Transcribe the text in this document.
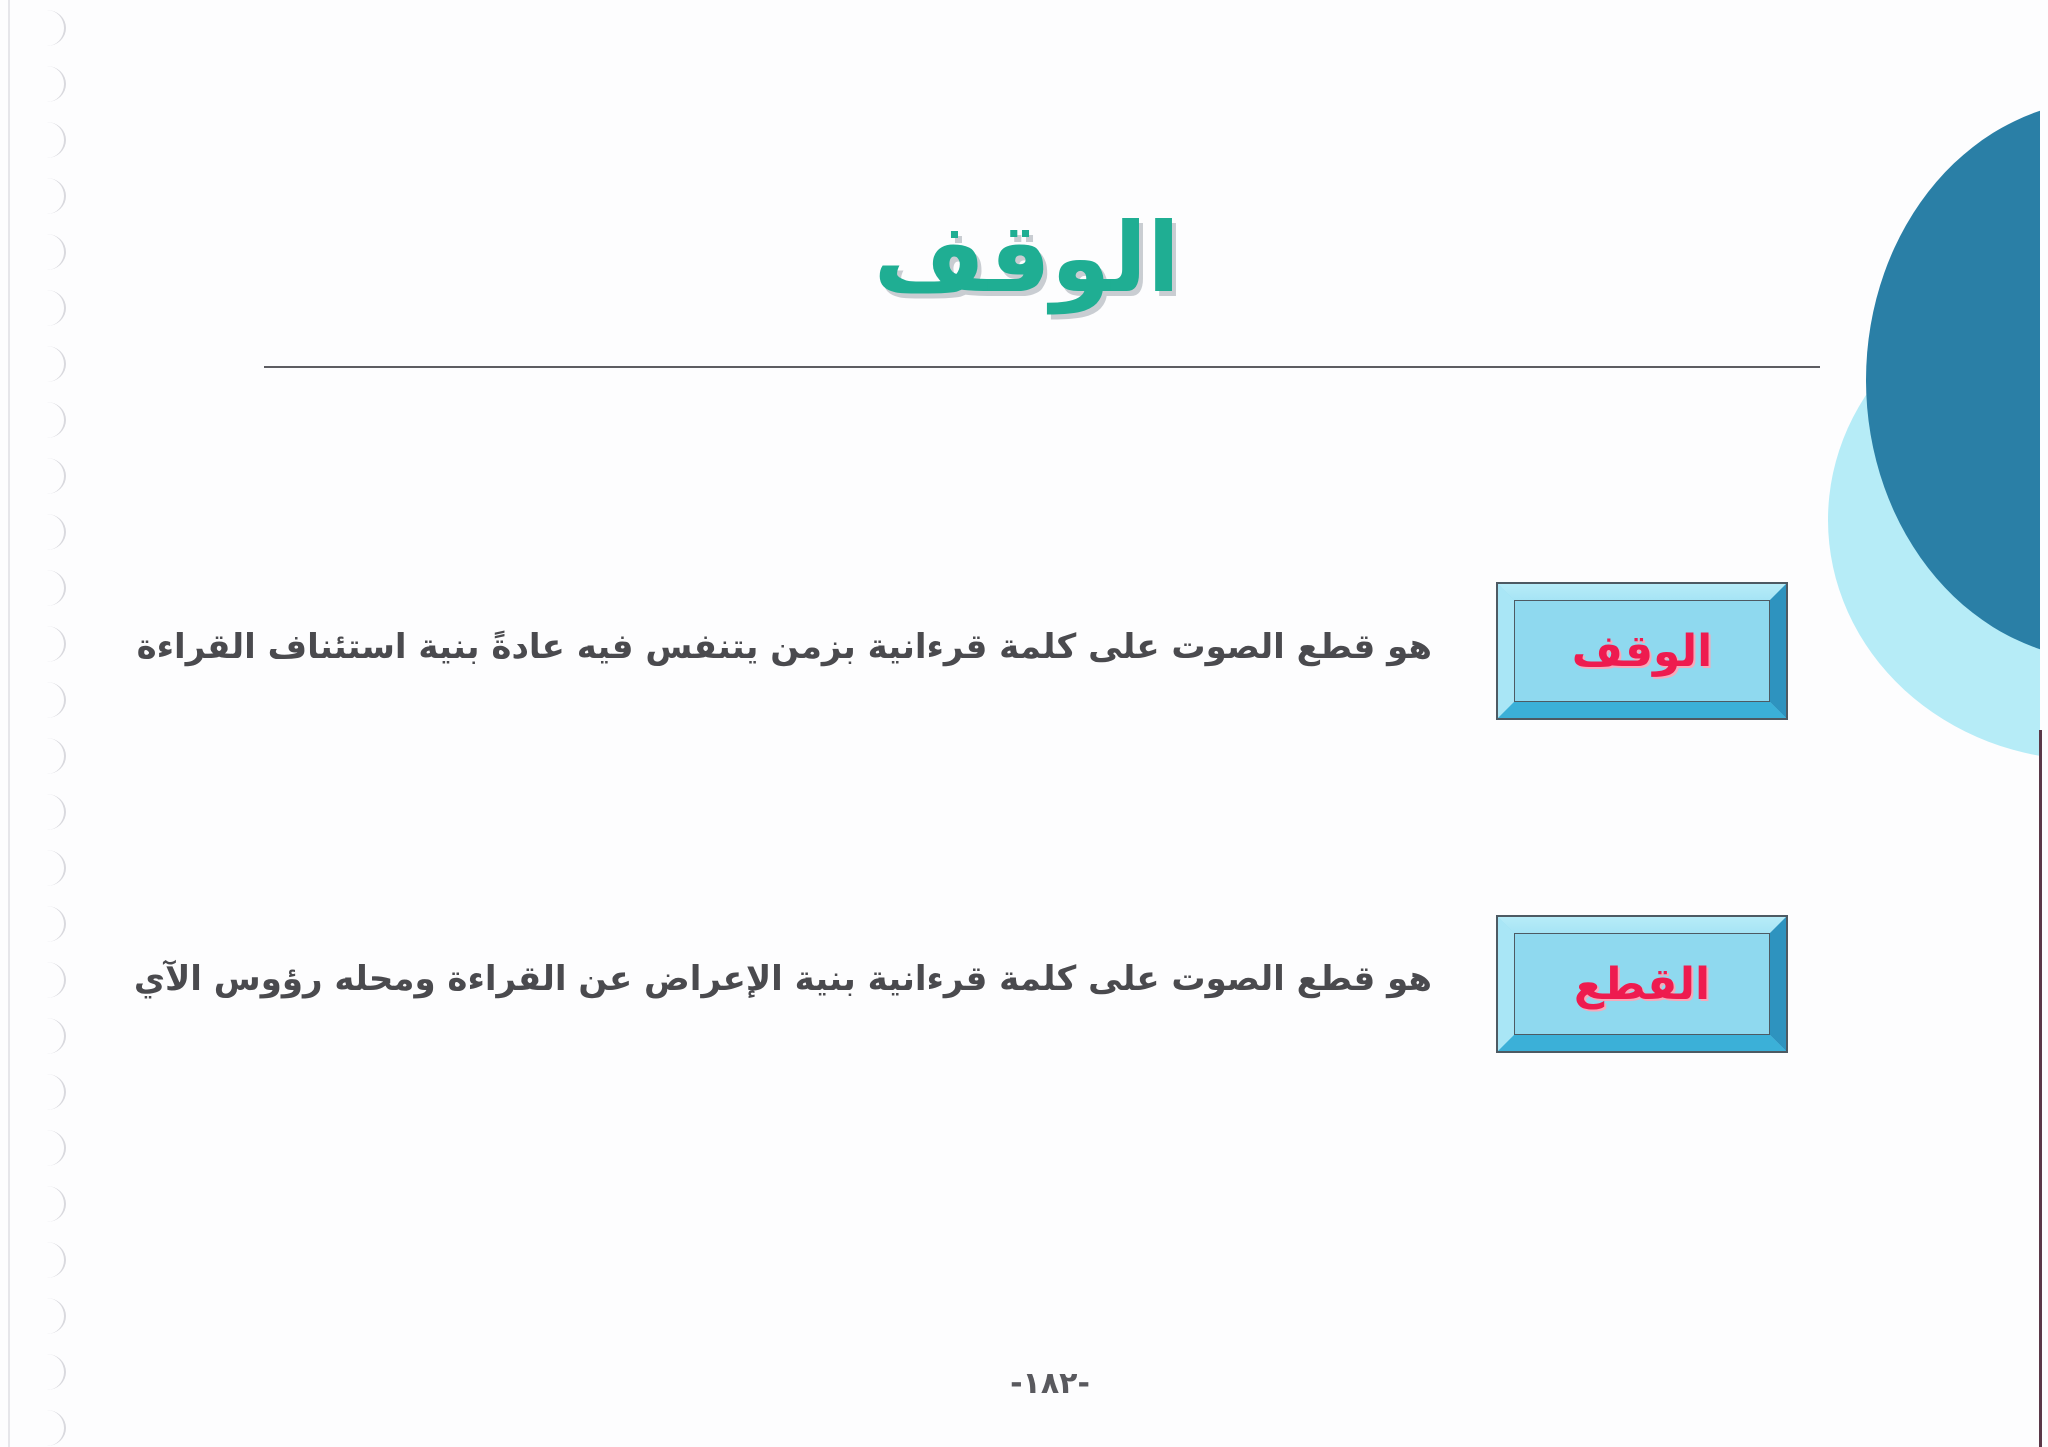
الوقف
الوقف
هو قطع الصوت على كلمة قرءانية بزمن يتنفس فيه عادةً بنية استئناف القراءة
القطع
هو قطع الصوت على كلمة قرءانية بنية الإعراض عن القراءة ومحله رؤوس الآي
-١٨٢-
